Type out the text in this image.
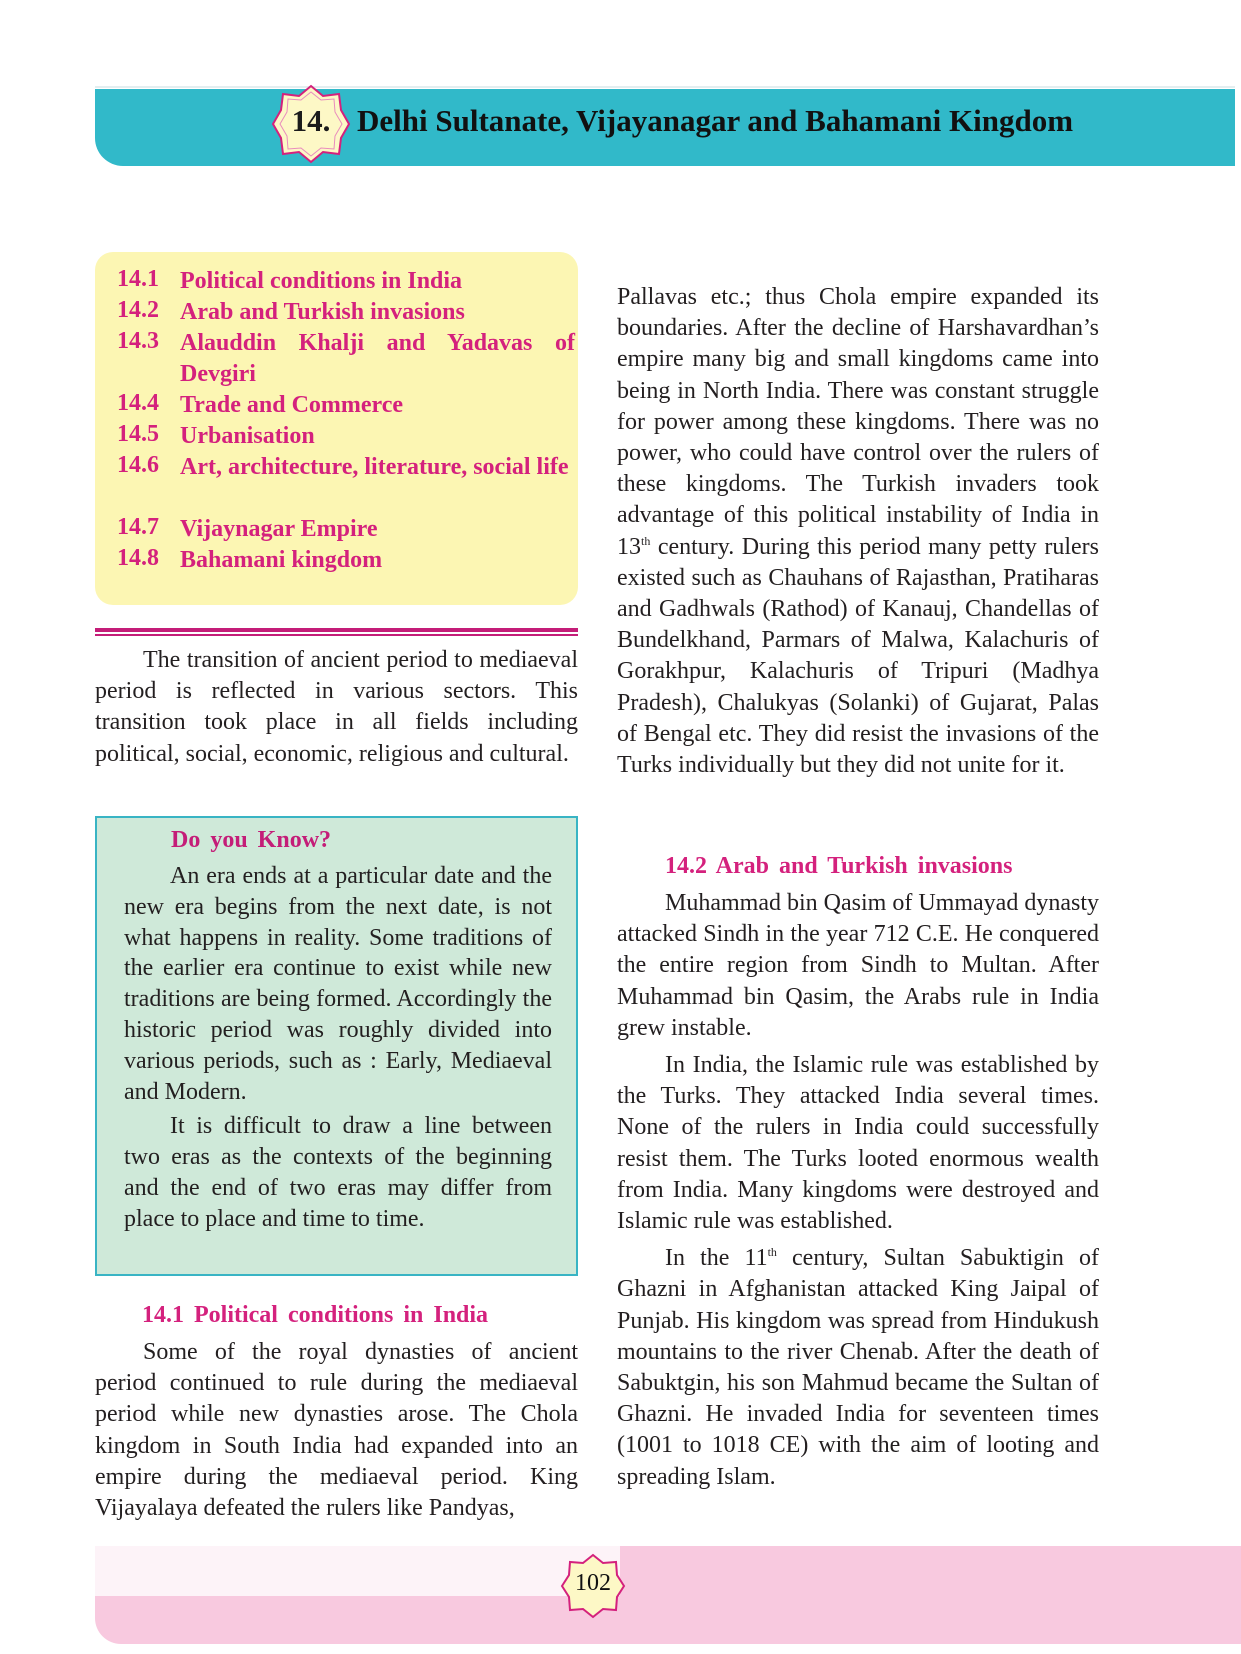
14. Delhi Sultanate, Vijayanagar and Bahamani Kingdom
14.1 Political conditions in India
14.2 Arab and Turkish invasions
14.3 Alauddin Khalji and Yadavas of Devgiri
14.4 Trade and Commerce
14.5 Urbanisation
14.6 Art, architecture, literature, social life
14.7 Vijaynagar Empire
14.8 Bahamani kingdom

The transition of ancient period to mediaeval period is reflected in various sectors. This transition took place in all fields including political, social, economic, religious and cultural.

Do you Know?

An era ends at a particular date and the new era begins from the next date, is not what happens in reality. Some traditions of the earlier era continue to exist while new traditions are being formed. Accordingly the historic period was roughly divided into various periods, such as : Early, Mediaeval and Modern.

It is difficult to draw a line between two eras as the contexts of the beginning and the end of two eras may differ from place to place and time to time.

14.1 Political conditions in India

Some of the royal dynasties of ancient period continued to rule during the mediaeval period while new dynasties arose. The Chola kingdom in South India had expanded into an empire during the mediaeval period. King Vijayalaya defeated the rulers like Pandyas,

Pallavas etc.; thus Chola empire expanded its boundaries. After the decline of Harshavardhan’s empire many big and small kingdoms came into being in North India. There was constant struggle for power among these kingdoms. There was no power, who could have control over the rulers of these kingdoms. The Turkish invaders took advantage of this political instability of India in 13th century. During this period many petty rulers existed such as Chauhans of Rajasthan, Pratiharas and Gadhwals (Rathod) of Kanauj, Chandellas of Bundelkhand, Parmars of Malwa, Kalachuris of Gorakhpur, Kalachuris of Tripuri (Madhya Pradesh), Chalukyas (Solanki) of Gujarat, Palas of Bengal etc. They did resist the invasions of the Turks individually but they did not unite for it.

14.2 Arab and Turkish invasions

Muhammad bin Qasim of Ummayad dynasty attacked Sindh in the year 712 C.E. He conquered the entire region from Sindh to Multan. After Muhammad bin Qasim, the Arabs rule in India grew instable.

In India, the Islamic rule was established by the Turks. They attacked India several times. None of the rulers in India could successfully resist them. The Turks looted enormous wealth from India. Many kingdoms were destroyed and Islamic rule was established.

In the 11th century, Sultan Sabuktigin of Ghazni in Afghanistan attacked King Jaipal of Punjab. His kingdom was spread from Hindukush mountains to the river Chenab. After the death of Sabuktgin, his son Mahmud became the Sultan of Ghazni. He invaded India for seventeen times (1001 to 1018 CE) with the aim of looting and spreading Islam.

102
